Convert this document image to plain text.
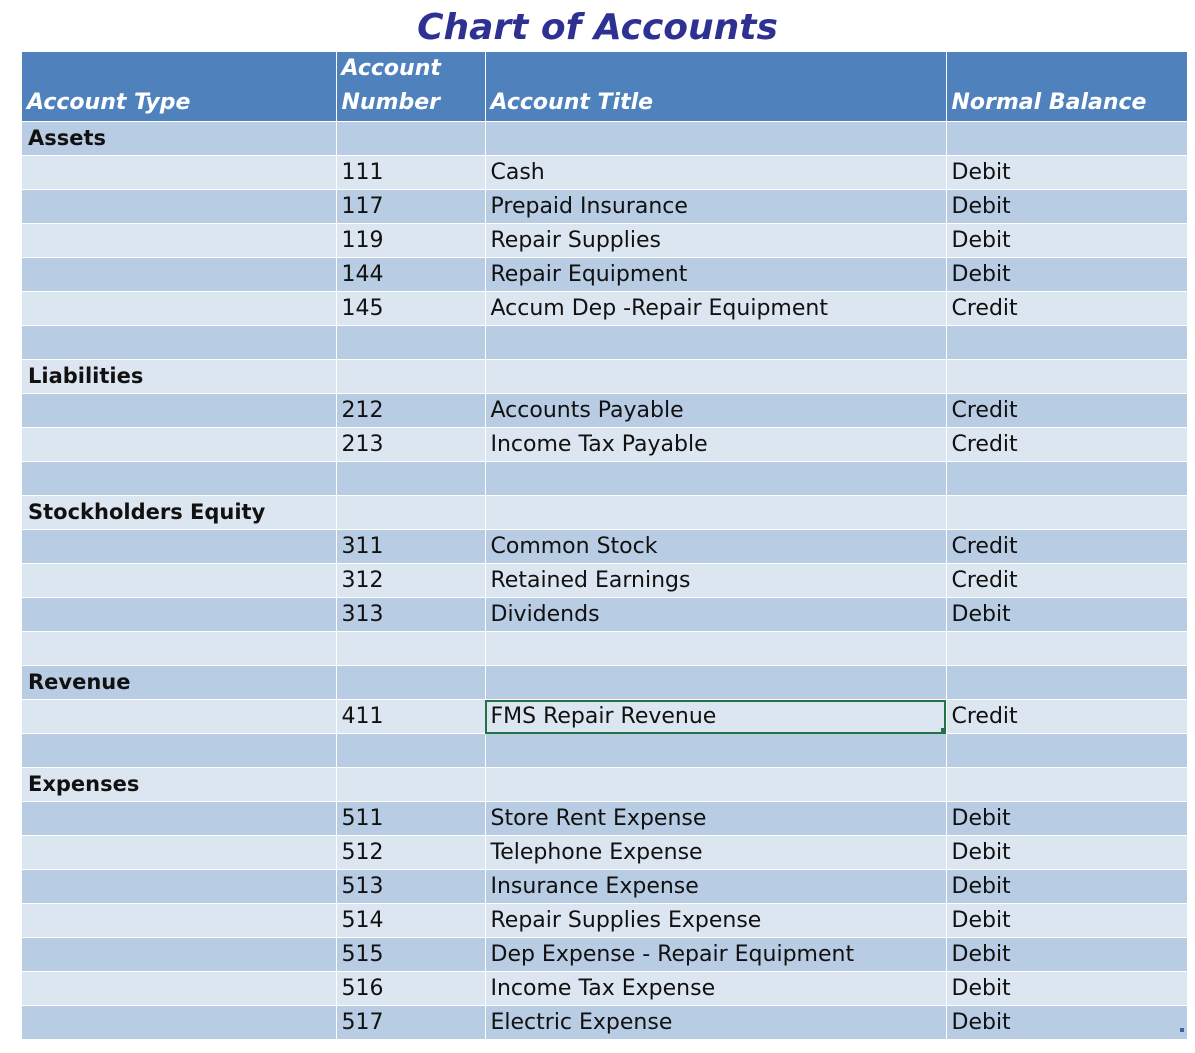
Chart of Accounts
Account Type	Account Number	Account Title	Normal Balance
Assets			
	111	Cash	Debit
	117	Prepaid Insurance	Debit
	119	Repair Supplies	Debit
	144	Repair Equipment	Debit
	145	Accum Dep -Repair Equipment	Credit

Liabilities			
	212	Accounts Payable	Credit
	213	Income Tax Payable	Credit

Stockholders Equity			
	311	Common Stock	Credit
	312	Retained Earnings	Credit
	313	Dividends	Debit

Revenue			
	411	FMS Repair Revenue	Credit

Expenses			
	511	Store Rent Expense	Debit
	512	Telephone Expense	Debit
	513	Insurance Expense	Debit
	514	Repair Supplies Expense	Debit
	515	Dep Expense - Repair Equipment	Debit
	516	Income Tax Expense	Debit
	517	Electric Expense	Debit
